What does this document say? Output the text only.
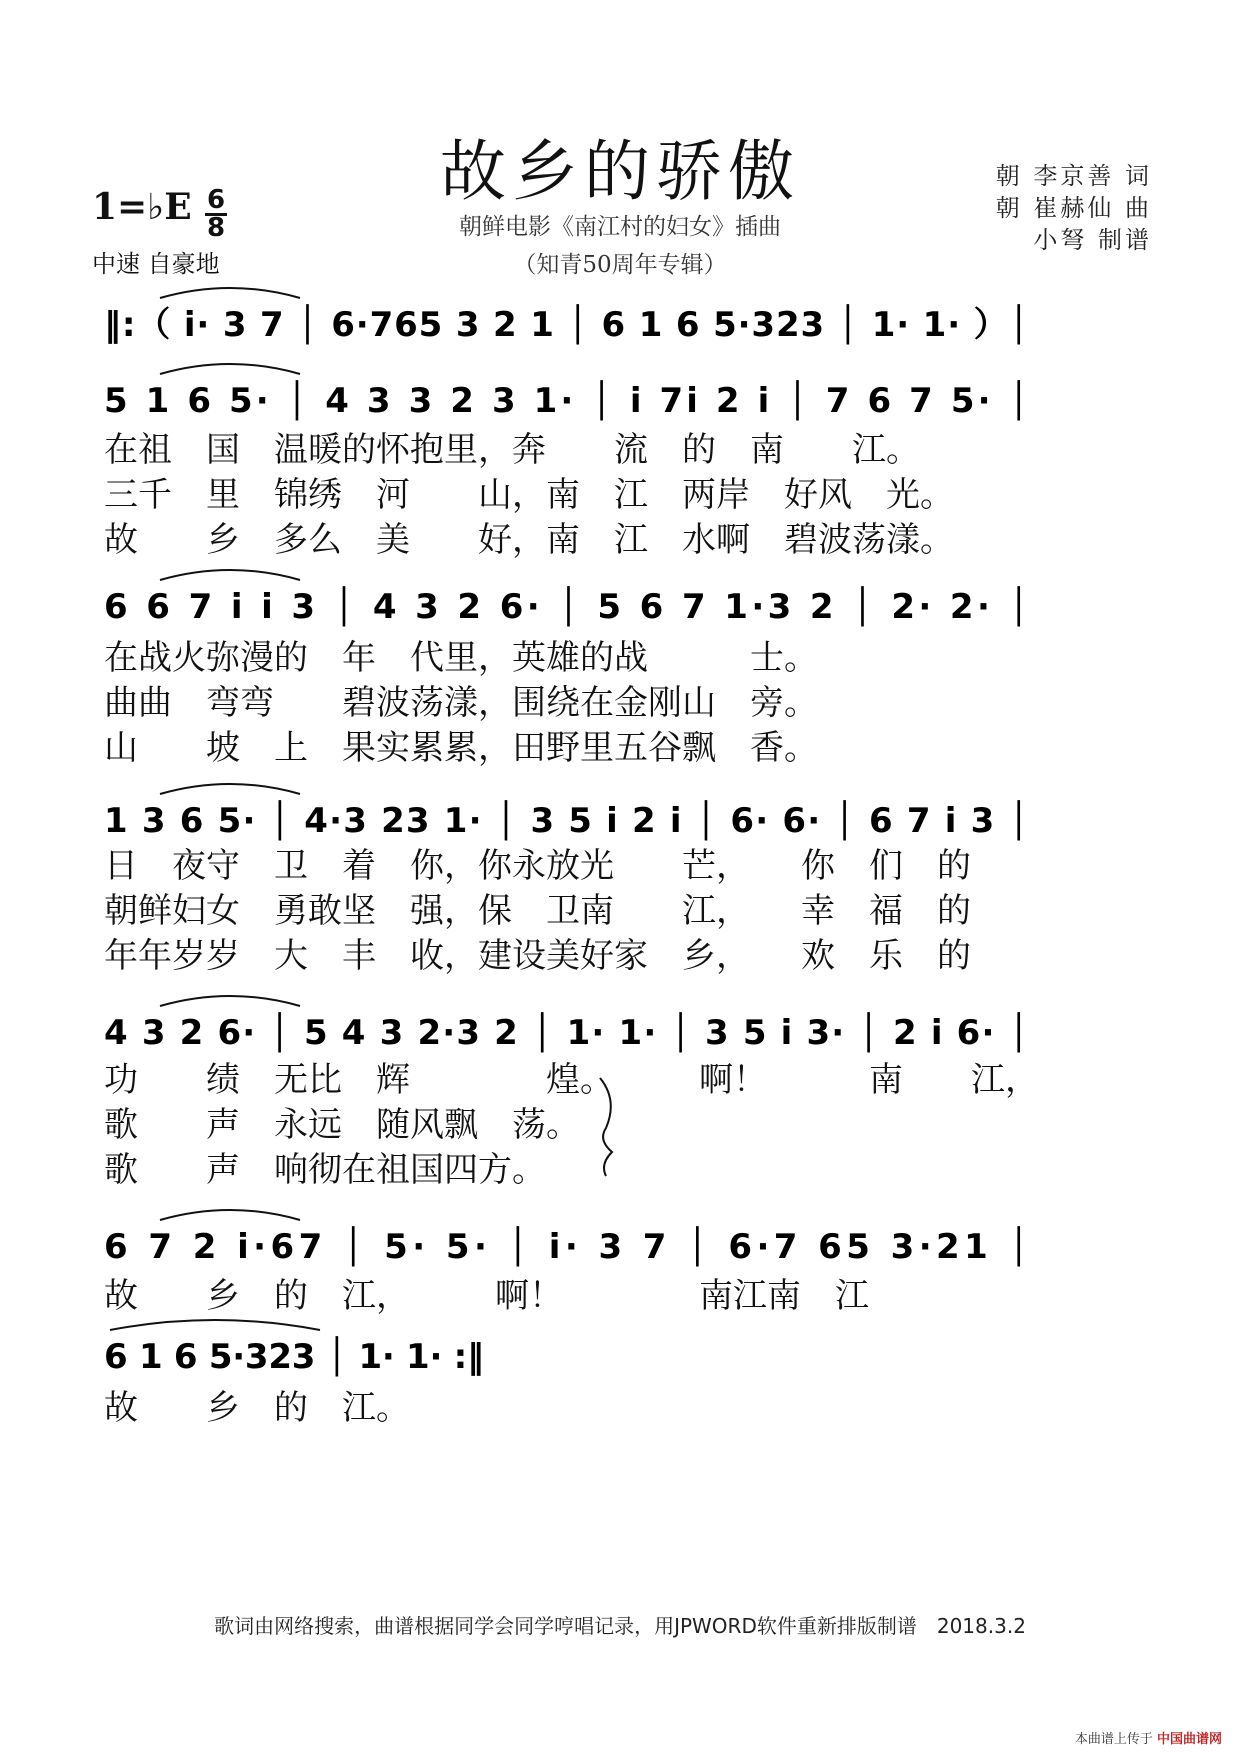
故乡的骄傲
朝鲜电影《南江村的妇女》插曲
（知青50周年专辑）
朝 李京善 词
朝 崔赫仙 曲
小弩 制谱
1=♭E 6
8
中速 自豪地
‖:（ i· 3 7 │ 6·765 3 2 1 │ 6 1 6 5·323 │ 1· 1· ）│
5 1 6 5· │ 4 3 3 2 3 1· │ i 7i 2 i │ 7 6 7 5· │
6 6 7 i i 3 │ 4 3 2 6· │ 5 6 7 1·3 2 │ 2· 2· │
1 3 6 5· │ 4·3 23 1· │ 3 5 i 2 i │ 6· 6· │ 6 7 i 3 │
4 3 2 6· │ 5 4 3 2·3 2 │ 1· 1· │ 3 5 i 3· │ 2 i 6· │
6 7 2 i·67 │ 5· 5· │ i· 3 7 │ 6·7 65 3·21 │
6 1 6 5·323 │ 1· 1· :‖
在祖　国　温暖的怀抱里，奔　　流　的　南　　江。
三千　里　锦绣　河　　山，南　江　两岸　好风　光。
故　　乡　多么　美　　好，南　江　水啊　碧波荡漾。
在战火弥漫的　年　代里，英雄的战　　　士。
曲曲　弯弯　　碧波荡漾，围绕在金刚山　旁。
山　　坡　上　果实累累，田野里五谷飘　香。
日　夜守　卫　着　你，你永放光　　芒，　　你　们　的
朝鲜妇女　勇敢坚　强，保　卫南　　江，　　幸　福　的
年年岁岁　大　丰　收，建设美好家　乡，　　欢　乐　的
功　　绩　无比　辉　　　　煌。　　　啊！　　　南　　江，
歌　　声　永远　随风飘　荡。
歌　　声　响彻在祖国四方。
故　　乡　的　江，　　　啊！　　　　南江南　江
故　　乡　的　江。
歌词由网络搜索，曲谱根据同学会同学哼唱记录，用JPWORD软件重新排版制谱　2018.3.2
本曲谱上传于 中国曲谱网
